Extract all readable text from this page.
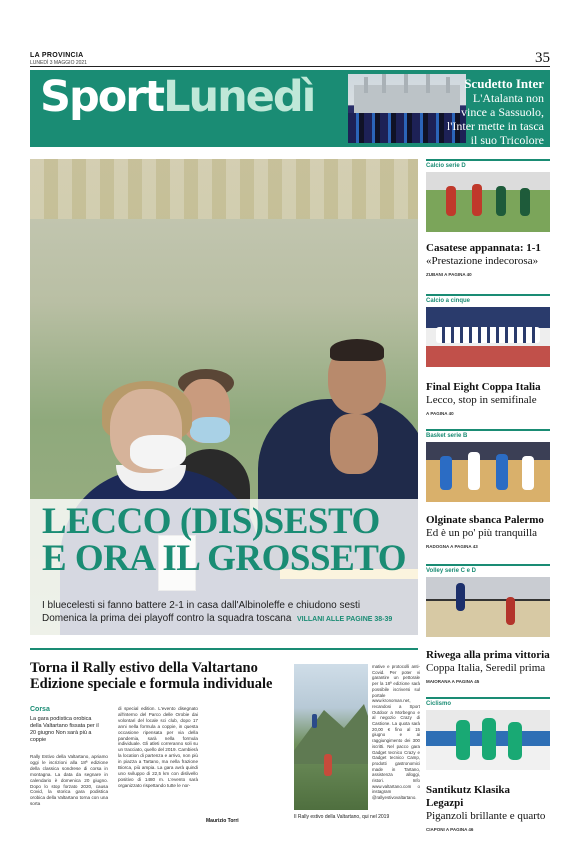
LA PROVINCIA
LUNEDÌ 3 MAGGIO 2021	35
SportLunedì	Scudetto Inter
L'Atalanta non vince a Sassuolo, l'Inter mette in tasca il suo Tricolore numero 19
LECCO (DIS)SESTO
E ORA IL GROSSETO
I bluecelesti si fanno battere 2-1 in casa dall'Albinoleffe e chiudono sesti
Domenica la prima dei playoff contro la squadra toscana VILLANI ALLE PAGINE 38-39
Calcio serie D
Casatese appannata: 1-1
«Prestazione indecorosa»
ZUBANI A PAGINA 40
Calcio a cinque
Final Eight Coppa Italia
Lecco, stop in semifinale
A PAGINA 40
Basket serie B
Olginate sbanca Palermo
Ed è un po' più tranquilla
RADOGNA A PAGINA 43
Volley serie C e D
Riwega alla prima vittoria
Coppa Italia, Seredil prima
MAIORANA A PAGINA 45
Ciclismo
Santikutz Klasika Legazpi
Piganzoli brillante e quarto
CIAPONI A PAGINA 46
Torna il Rally estivo della Valtartano Edizione speciale e formula individuale
Corsa
La gara podistica orobica della Valtartano fissata per il 20 giugno Non sarà più a coppie
Rally Estivo della Valtartano, apriamo oggi le iscrizioni alla 18ª edizione della classica sondrese di corsa in montagna. La data da segnare in calendario è domenica 20 giugno. Dopo lo stop forzato 2020, causa Covid, la storica gara podistica orobica della Valtartano torna con una sorta
di special edition. L'evento disegnato all'interno del Parco delle Orobie dai volontari del locale sci club, dopo 17 anni nella formula a coppie, in questa occasione ripensata per via della pandemia, sarà nella formula individuale. Gli atleti correranno soli su un tracciato, quello del 2019. Cambierà la location di partenza e arrivo, non più in piazza a Tartano, ma nella frazione Biorca, più ampia. La gara avrà quindi uno sviluppo di 22,5 km con dislivello positivo di 1480 m. L'evento sarà organizzato rispettando tutte le nor-
mative e protocolli anti-Covid. Per poter vi garantire un pettorale per la 18ª edizione sarà possibile iscriversi sul portale www.kronoman.net, recandosi a Sport Outdoor a Morbegno e al negozio Crazy di Castione. La quota sarà 20,00 € fino al 15 giugno e ai raggiungimento dei 300 iscritti. Nel pacco gara Gadget tecnico Crazy e Gadget tecnico Camp, prodotti gastronomici made in Tartano, assistenza alloggi, ristori. Info www.valtartano.com o instagram @rallyestivovaltartano.
Maurizio Torri
Il Rally estivo della Valtartano, qui nel 2019
